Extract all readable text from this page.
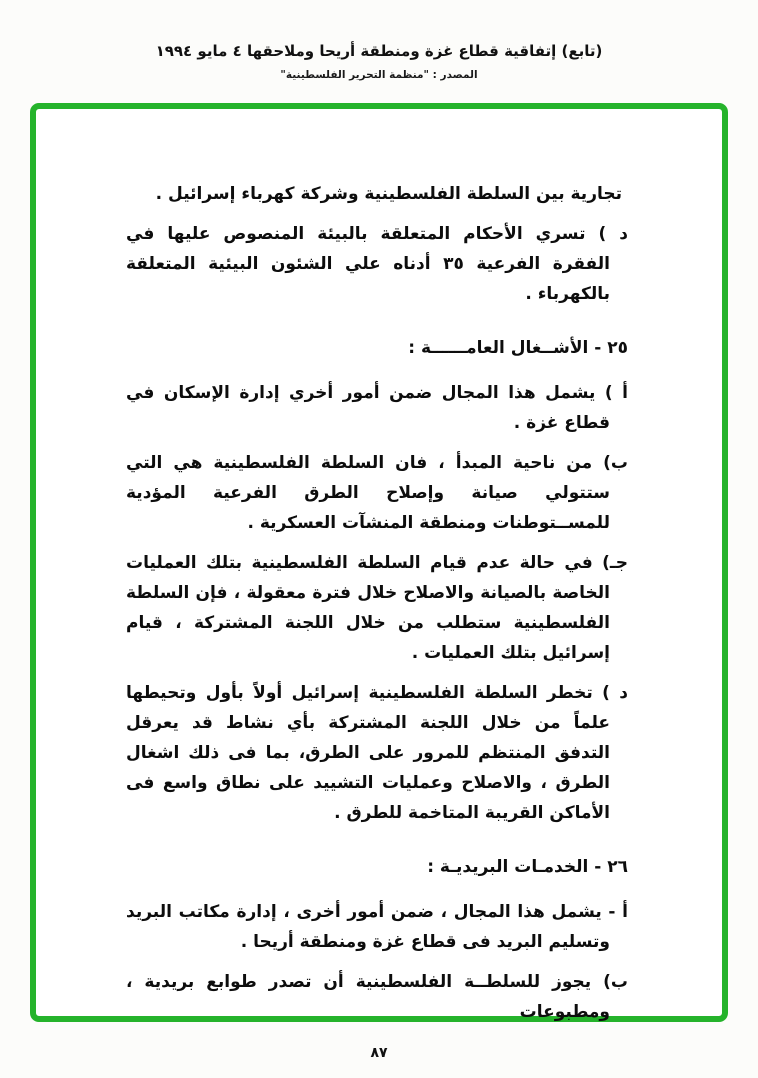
(تابع) إتفاقية قطاع غزة ومنطقة أريحا وملاحقها ٤ مايو ١٩٩٤
المصدر : "منظمة التحرير الفلسطينية"

تجارية بين السلطة الفلسطينية وشركة كهرباء إسرائيل .

د ) تسري الأحكام المتعلقة بالبيئة المنصوص عليها في الفقرة الفرعية ٣٥ أدناه علي الشئون البيئية المتعلقة بالكهرباء .

٢٥ - الأشــغال العامــــــة :

أ ) يشمل هذا المجال ضمن أمور أخري إدارة الإسكان في قطاع غزة .

ب) من ناحية المبدأ ، فان السلطة الفلسطينية هي التي ستتولي صيانة وإصلاح الطرق الفرعية المؤدية للمســتوطنات ومنطقة المنشآت العسكرية .

جـ) في حالة عدم قيام السلطة الفلسطينية بتلك العمليات الخاصة بالصيانة والاصلاح خلال فترة معقولة ، فإن السلطة الفلسطينية ستطلب من خلال اللجنة المشتركة ، قيام إسرائيل بتلك العمليات .

د ) تخطر السلطة الفلسطينية إسرائيل أولاً بأول وتحيطها علماً من خلال اللجنة المشتركة بأي نشاط قد يعرقل التدفق المنتظم للمرور على الطرق، بما فى ذلك اشغال الطرق ، والاصلاح وعمليات التشييد على نطاق واسع فى الأماكن القريبة المتاخمة للطرق .

٢٦ - الخدمـات البريديـة :

أ - يشمل هذا المجال ، ضمن أمور أخرى ، إدارة مكاتب البريد وتسليم البريد فى قطاع غزة ومنطقة أريحا .

ب) يجوز للسلطــة الفلسطينية أن تصدر طوابع بريدية ، ومطبوعات

٨٧
